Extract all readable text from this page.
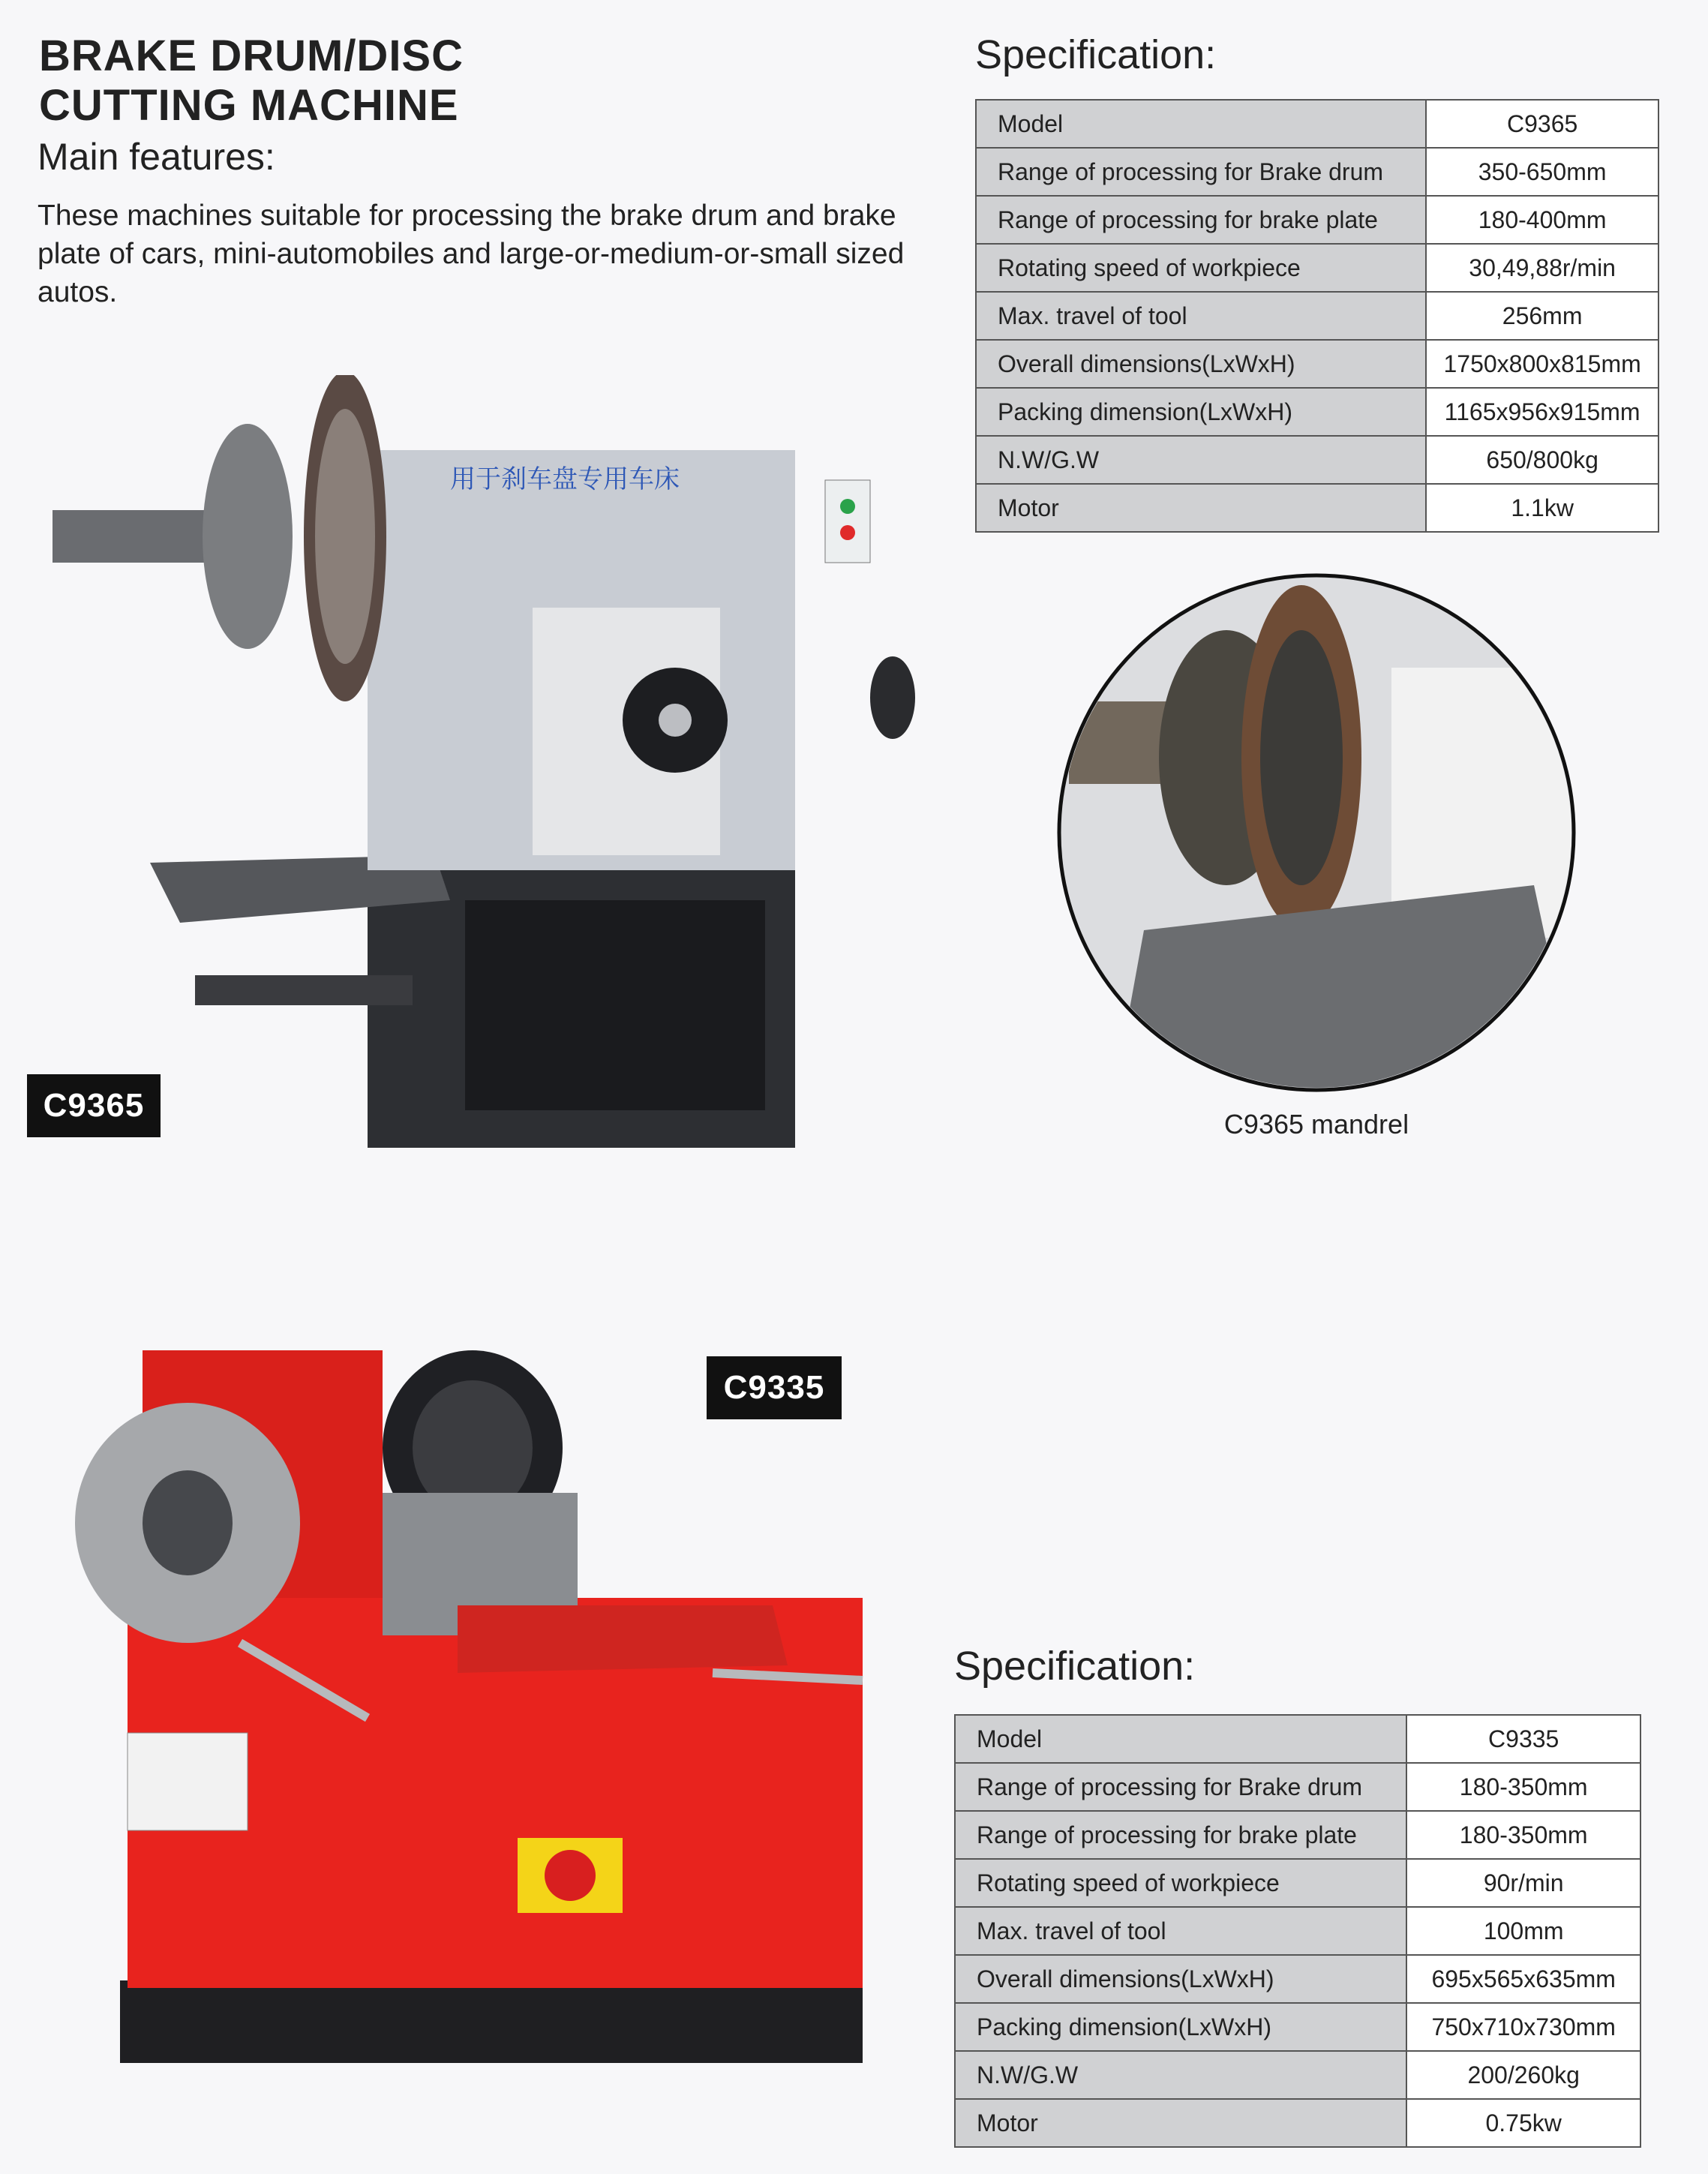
BRAKE DRUM/DISC
CUTTING MACHINE
Main features:
These machines suitable for processing the brake drum and brake plate of cars, mini-automobiles and large-or-medium-or-small sized autos.
Specification:
Model	C9365
Range of processing for Brake drum	350-650mm
Range of processing for brake plate	180-400mm
Rotating speed of workpiece	30,49,88r/min
Max. travel of tool	256mm
Overall dimensions(LxWxH)	1750x800x815mm
Packing dimension(LxWxH)	1165x956x915mm
N.W/G.W	650/800kg
Motor	1.1kw
用于刹车盘专用车床
C9365
C9365 mandrel
C9335
Specification:
Model	C9335
Range of processing for Brake drum	180-350mm
Range of processing for brake plate	180-350mm
Rotating speed of workpiece	90r/min
Max. travel of tool	100mm
Overall dimensions(LxWxH)	695x565x635mm
Packing dimension(LxWxH)	750x710x730mm
N.W/G.W	200/260kg
Motor	0.75kw
